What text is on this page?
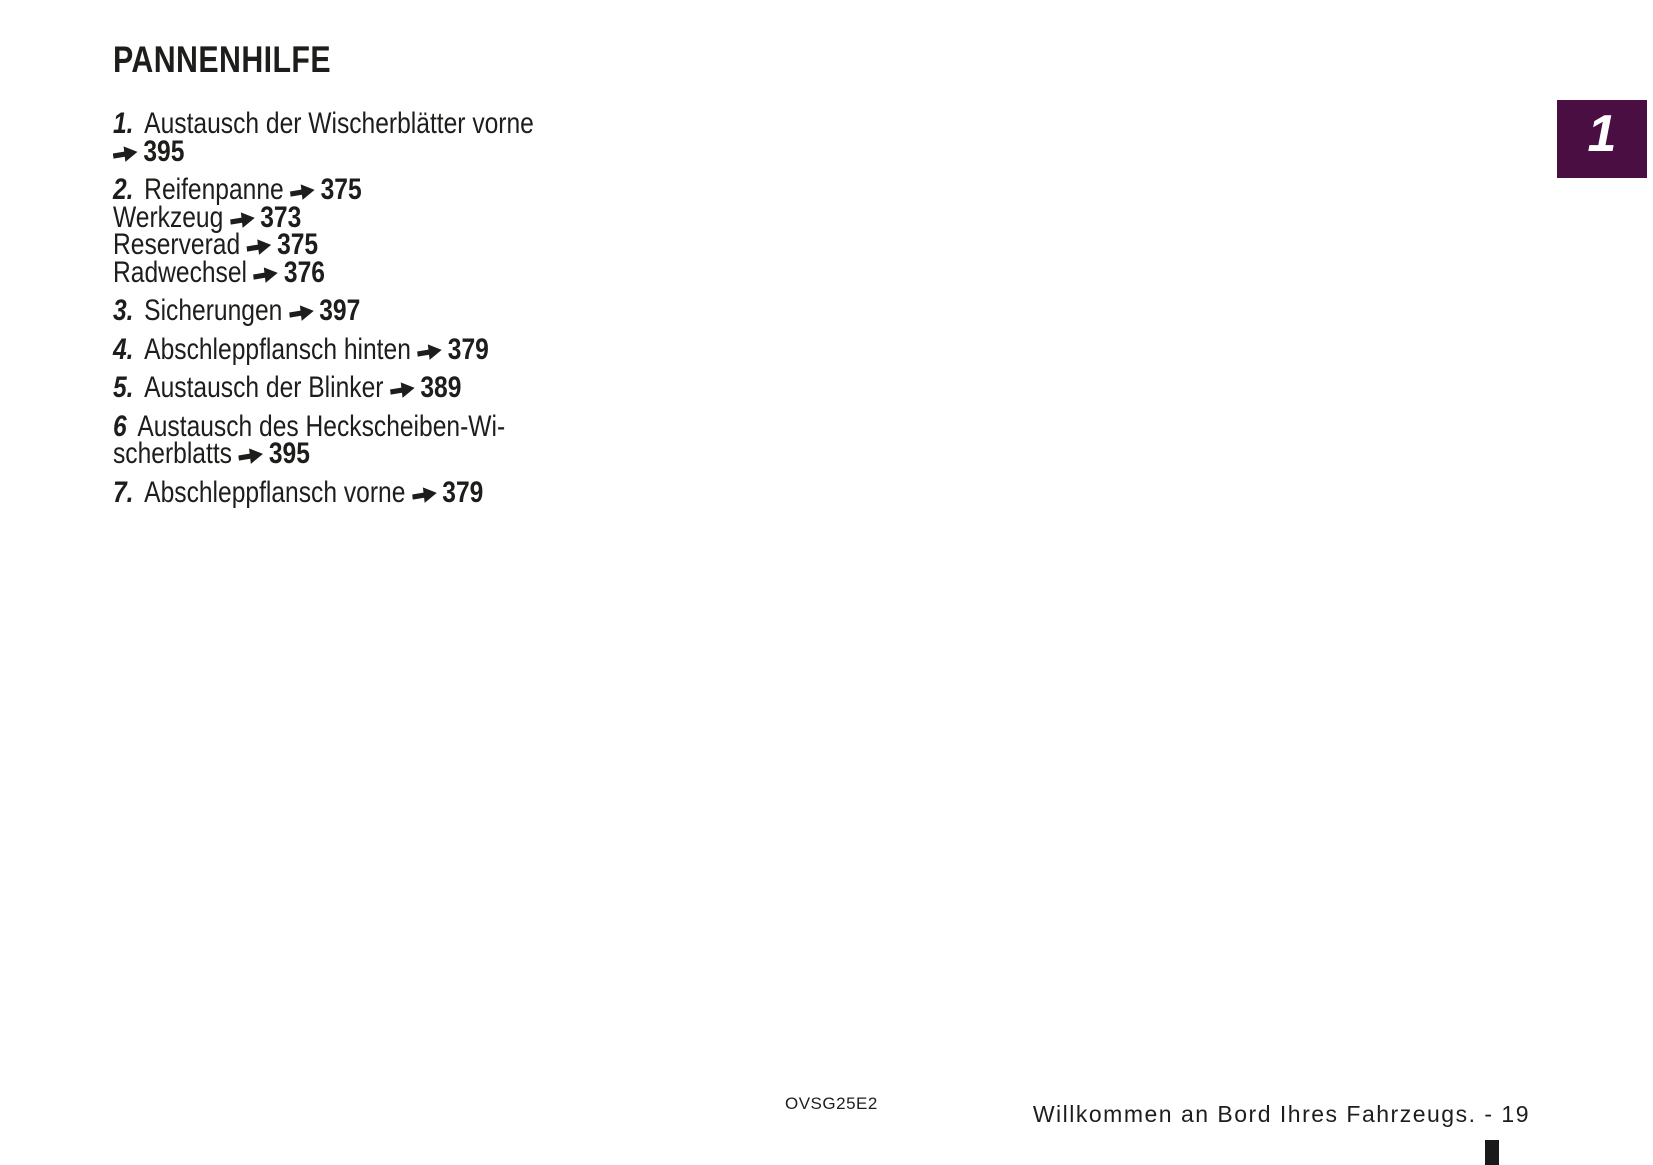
PANNENHILFE
1. Austausch der Wischerblätter vorne
395
2. Reifenpanne 375
Werkzeug 373
Reserverad 375
Radwechsel 376
3. Sicherungen 397
4. Abschleppflansch hinten 379
5. Austausch der Blinker 389
6 Austausch des Heckscheiben-Wi-
scherblatts 395
7. Abschleppflansch vorne 379
1
OVSG25E2	Willkommen an Bord Ihres Fahrzeugs. - 19
